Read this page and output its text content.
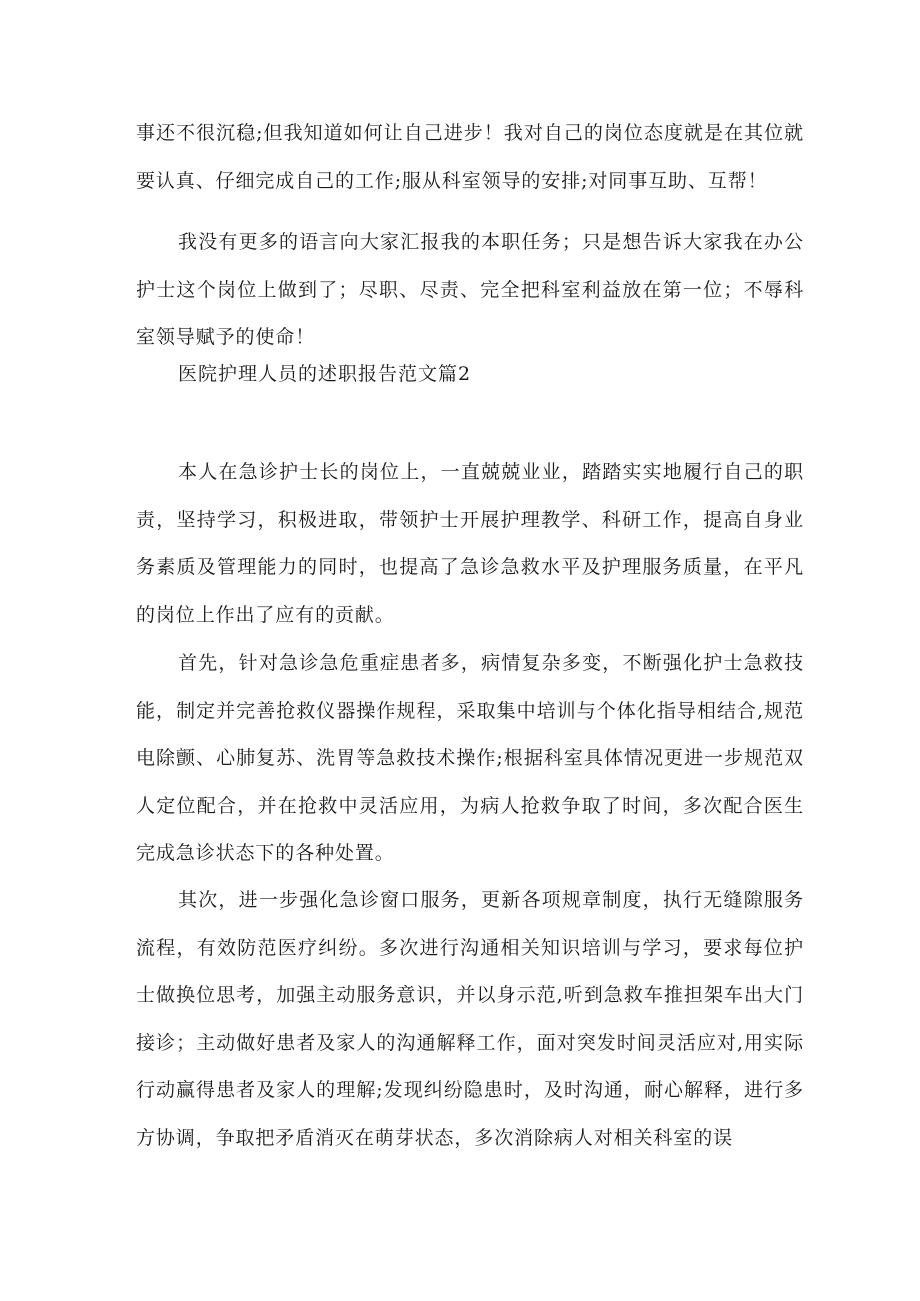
事还不很沉稳;但我知道如何让自己进步！我对自己的岗位态度就是在其位就要认真、仔细完成自己的工作;服从科室领导的安排;对同事互助、互帮！

我没有更多的语言向大家汇报我的本职任务；只是想告诉大家我在办公护士这个岗位上做到了；尽职、尽责、完全把科室利益放在第一位；不辱科室领导赋予的使命！

医院护理人员的述职报告范文篇2

本人在急诊护士长的岗位上，一直兢兢业业，踏踏实实地履行自己的职责，坚持学习，积极进取，带领护士开展护理教学、科研工作，提高自身业务素质及管理能力的同时，也提高了急诊急救水平及护理服务质量，在平凡的岗位上作出了应有的贡献。

首先，针对急诊急危重症患者多，病情复杂多变，不断强化护士急救技能，制定并完善抢救仪器操作规程，采取集中培训与个体化指导相结合,规范电除颤、心肺复苏、洗胃等急救技术操作;根据科室具体情况更进一步规范双人定位配合，并在抢救中灵活应用，为病人抢救争取了时间，多次配合医生完成急诊状态下的各种处置。

其次，进一步强化急诊窗口服务，更新各项规章制度，执行无缝隙服务流程，有效防范医疗纠纷。多次进行沟通相关知识培训与学习，要求每位护士做换位思考，加强主动服务意识，并以身示范,听到急救车推担架车出大门接诊；主动做好患者及家人的沟通解释工作，面对突发时间灵活应对,用实际行动赢得患者及家人的理解;发现纠纷隐患时，及时沟通，耐心解释，进行多方协调，争取把矛盾消灭在萌芽状态，多次消除病人对相关科室的误
